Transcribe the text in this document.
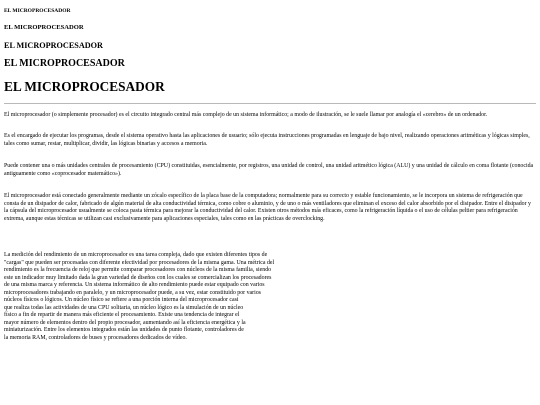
EL MICROPROCESADOR
EL MICROPROCESADOR
EL MICROPROCESADOR
EL MICROPROCESADOR
EL MICROPROCESADOR

El microprocesador (o simplemente procesador) es el circuito integrado central más complejo de un sistema informático; a modo de ilustración, se le suele llamar por analogía el «cerebro» de un ordenador.

Es el encargado de ejecutar los programas, desde el sistema operativo hasta las aplicaciones de usuario; sólo ejecuta instrucciones programadas en lenguaje de bajo nivel, realizando operaciones aritméticas y lógicas simples, tales como sumar, restar, multiplicar, dividir, las lógicas binarias y accesos a memoria.

Puede contener una o más unidades centrales de procesamiento (CPU) constituidas, esencialmente, por registros, una unidad de control, una unidad aritmético lógica (ALU) y una unidad de cálculo en coma flotante (conocida antiguamente como «coprocesador matemático»).

El microprocesador está conectado generalmente mediante un zócalo específico de la placa base de la computadora; normalmente para su correcto y estable funcionamiento, se le incorpora un sistema de refrigeración que consta de un disipador de calor, fabricado de algún material de alta conductividad térmica, como cobre o aluminio, y de uno o más ventiladores que eliminan el exceso del calor absorbido por el disipador. Entre el disipador y la cápsula del microprocesador usualmente se coloca pasta térmica para mejorar la conductividad del calor. Existen otros métodos más eficaces, como la refrigeración líquida o el uso de células peltier para refrigeración extrema, aunque estas técnicas se utilizan casi exclusivamente para aplicaciones especiales, tales como en las prácticas de overclocking.

La medición del rendimiento de un microprocesador es una tarea compleja, dado que existen diferentes tipos de
"cargas" que pueden ser procesadas con diferente efectividad por procesadores de la misma gama. Una métrica del
rendimiento es la frecuencia de reloj que permite comparar procesadores con núcleos de la misma familia, siendo
este un indicador muy limitado dada la gran variedad de diseños con los cuales se comercializan los procesadores
de una misma marca y referencia. Un sistema informático de alto rendimiento puede estar equipado con varios
microprocesadores trabajando en paralelo, y un microprocesador puede, a su vez, estar constituido por varios
núcleos físicos o lógicos. Un núcleo físico se refiere a una porción interna del microprocesador casi
que realiza todas las actividades de una CPU solitaria, un núcleo lógico es la simulación de un núcleo
físico a fin de repartir de manera más eficiente el procesamiento. Existe una tendencia de integrar el
mayor número de elementos dentro del propio procesador, aumentando así la eficiencia energética y la
miniaturización. Entre los elementos integrados están las unidades de punto flotante, controladores de
la memoria RAM, controladores de buses y procesadores dedicados de vídeo.
